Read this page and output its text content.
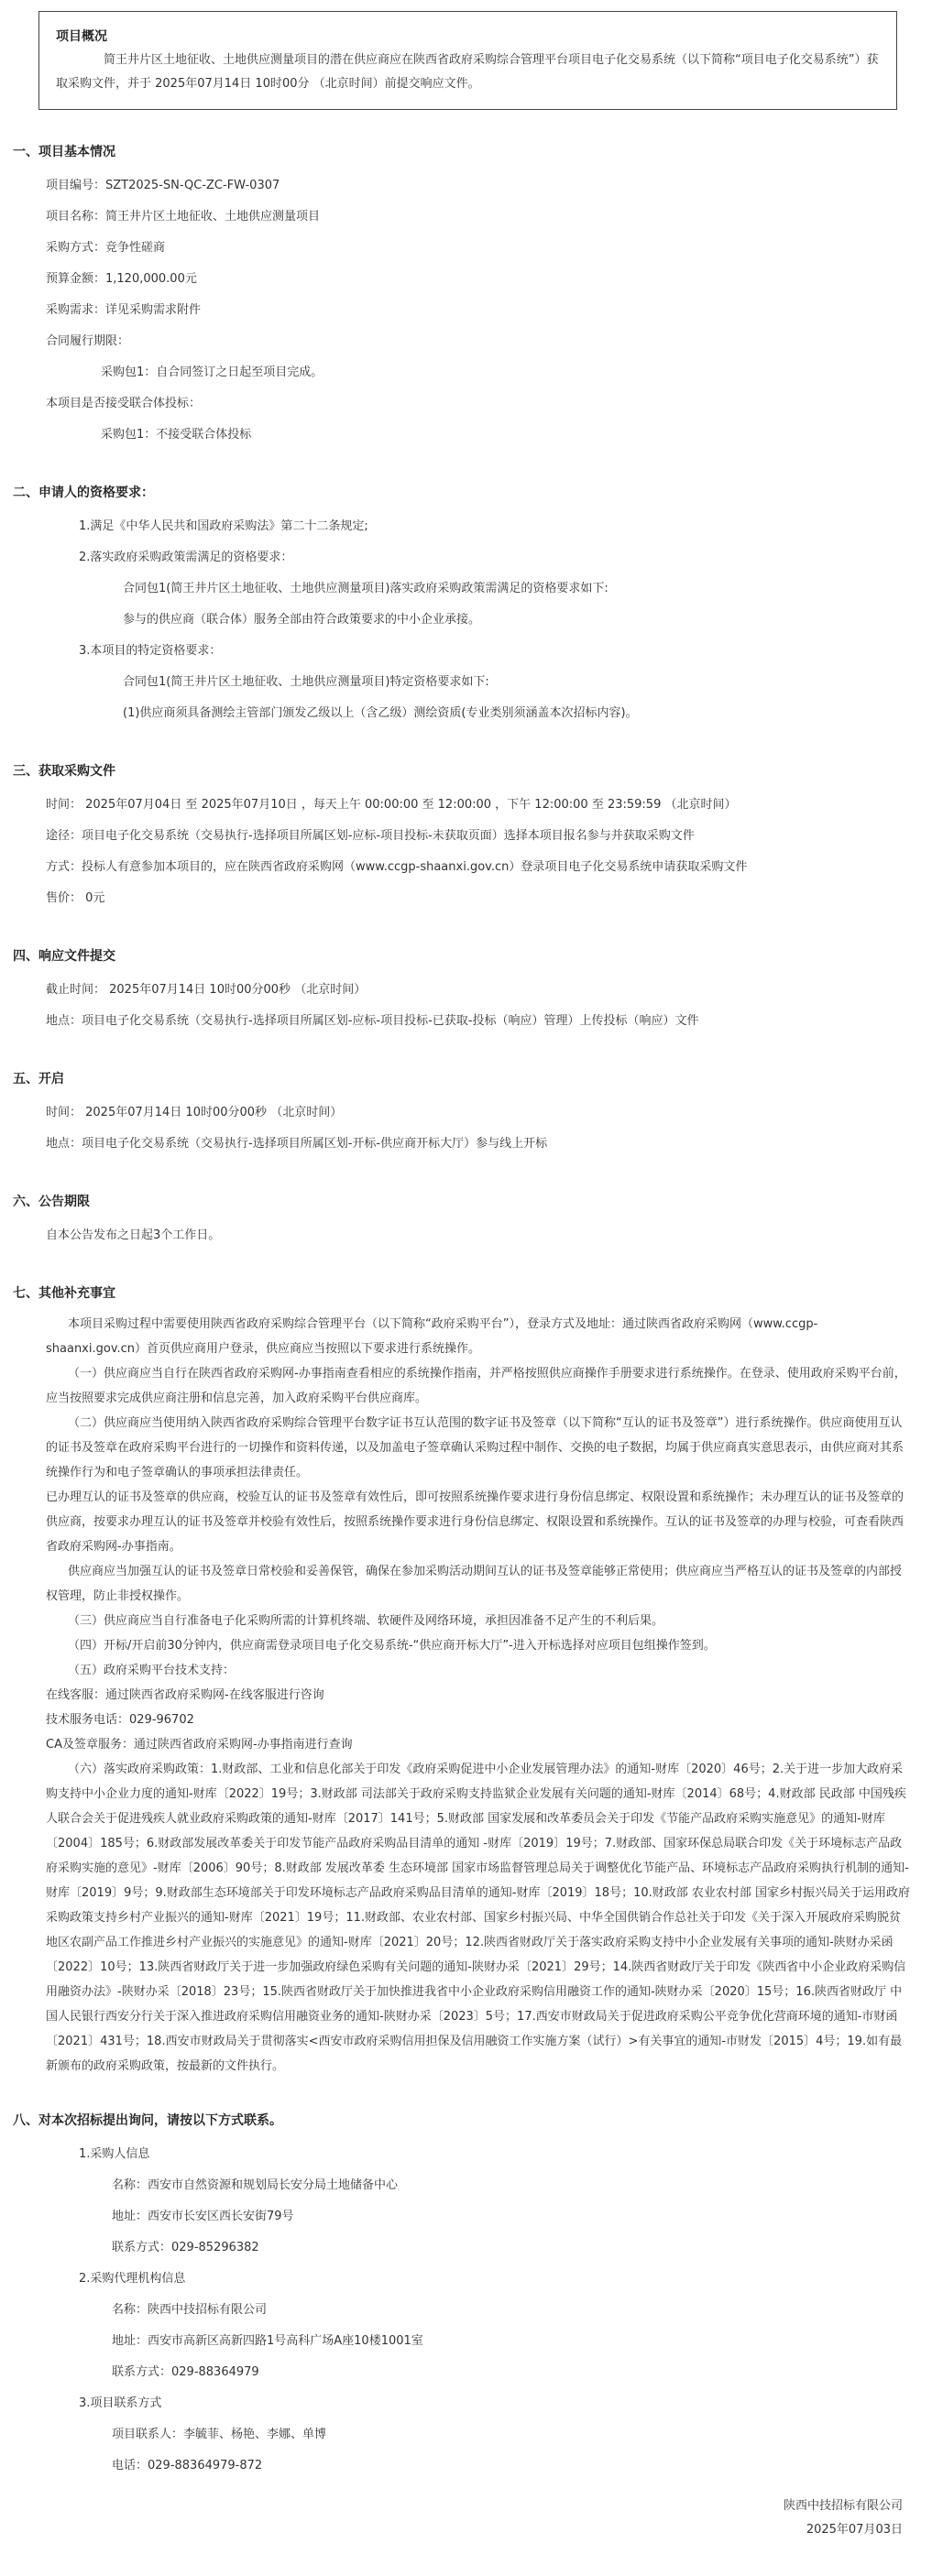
项目概况
简王井片区土地征收、土地供应测量项目的潜在供应商应在陕西省政府采购综合管理平台项目电子化交易系统（以下简称“项目电子化交易系统”）获取采购文件，并于 2025年07月14日 10时00分 （北京时间）前提交响应文件。
一、项目基本情况
项目编号：SZT2025-SN-QC-ZC-FW-0307
项目名称：简王井片区土地征收、土地供应测量项目
采购方式：竞争性磋商
预算金额：1,120,000.00元
采购需求：详见采购需求附件
合同履行期限：
采购包1：自合同签订之日起至项目完成。
本项目是否接受联合体投标：
采购包1：不接受联合体投标
二、申请人的资格要求：
1.满足《中华人民共和国政府采购法》第二十二条规定;
2.落实政府采购政策需满足的资格要求：
合同包1(简王井片区土地征收、土地供应测量项目)落实政府采购政策需满足的资格要求如下:
参与的供应商（联合体）服务全部由符合政策要求的中小企业承接。
3.本项目的特定资格要求：
合同包1(简王井片区土地征收、土地供应测量项目)特定资格要求如下:
(1)供应商须具备测绘主管部门颁发乙级以上（含乙级）测绘资质(专业类别须涵盖本次招标内容)。
三、获取采购文件
时间： 2025年07月04日 至 2025年07月10日 ，每天上午 00:00:00 至 12:00:00 ，下午 12:00:00 至 23:59:59 （北京时间）
途径：项目电子化交易系统（交易执行-选择项目所属区划-应标-项目投标-未获取页面）选择本项目报名参与并获取采购文件
方式：投标人有意参加本项目的，应在陕西省政府采购网（www.ccgp-shaanxi.gov.cn）登录项目电子化交易系统申请获取采购文件
售价： 0元
四、响应文件提交
截止时间： 2025年07月14日 10时00分00秒 （北京时间）
地点：项目电子化交易系统（交易执行-选择项目所属区划-应标-项目投标-已获取-投标（响应）管理）上传投标（响应）文件
五、开启
时间： 2025年07月14日 10时00分00秒 （北京时间）
地点：项目电子化交易系统（交易执行-选择项目所属区划-开标-供应商开标大厅）参与线上开标
六、公告期限
自本公告发布之日起3个工作日。
七、其他补充事宜
本项目采购过程中需要使用陕西省政府采购综合管理平台（以下简称“政府采购平台”），登录方式及地址：通过陕西省政府采购网（www.ccgp-shaanxi.gov.cn）首页供应商用户登录，供应商应当按照以下要求进行系统操作。
（一）供应商应当自行在陕西省政府采购网-办事指南查看相应的系统操作指南，并严格按照供应商操作手册要求进行系统操作。在登录、使用政府采购平台前，应当按照要求完成供应商注册和信息完善，加入政府采购平台供应商库。
（二）供应商应当使用纳入陕西省政府采购综合管理平台数字证书互认范围的数字证书及签章（以下简称“互认的证书及签章”）进行系统操作。供应商使用互认的证书及签章在政府采购平台进行的一切操作和资料传递，以及加盖电子签章确认采购过程中制作、交换的电子数据，均属于供应商真实意思表示，由供应商对其系统操作行为和电子签章确认的事项承担法律责任。
已办理互认的证书及签章的供应商，校验互认的证书及签章有效性后，即可按照系统操作要求进行身份信息绑定、权限设置和系统操作；未办理互认的证书及签章的供应商，按要求办理互认的证书及签章并校验有效性后，按照系统操作要求进行身份信息绑定、权限设置和系统操作。互认的证书及签章的办理与校验，可查看陕西省政府采购网-办事指南。
供应商应当加强互认的证书及签章日常校验和妥善保管，确保在参加采购活动期间互认的证书及签章能够正常使用；供应商应当严格互认的证书及签章的内部授权管理，防止非授权操作。
（三）供应商应当自行准备电子化采购所需的计算机终端、软硬件及网络环境，承担因准备不足产生的不利后果。
（四）开标/开启前30分钟内，供应商需登录项目电子化交易系统-“供应商开标大厅”-进入开标选择对应项目包组操作签到。
（五）政府采购平台技术支持：
在线客服：通过陕西省政府采购网-在线客服进行咨询
技术服务电话：029-96702
CA及签章服务：通过陕西省政府采购网-办事指南进行查询
（六）落实政府采购政策：1.财政部、工业和信息化部关于印发《政府采购促进中小企业发展管理办法》的通知-财库〔2020〕46号；2.关于进一步加大政府采购支持中小企业力度的通知-财库〔2022〕19号；3.财政部 司法部关于政府采购支持监狱企业发展有关问题的通知-财库〔2014〕68号；4.财政部 民政部 中国残疾人联合会关于促进残疾人就业政府采购政策的通知-财库〔2017〕141号；5.财政部 国家发展和改革委员会关于印发《节能产品政府采购实施意见》的通知-财库〔2004〕185号；6.财政部发展改革委关于印发节能产品政府采购品目清单的通知 -财库〔2019〕19号；7.财政部、国家环保总局联合印发《关于环境标志产品政府采购实施的意见》-财库〔2006〕90号；8.财政部 发展改革委 生态环境部 国家市场监督管理总局关于调整优化节能产品、环境标志产品政府采购执行机制的通知-财库〔2019〕9号；9.财政部生态环境部关于印发环境标志产品政府采购品目清单的通知-财库〔2019〕18号；10.财政部 农业农村部 国家乡村振兴局关于运用政府采购政策支持乡村产业振兴的通知-财库〔2021〕19号；11.财政部、农业农村部、国家乡村振兴局、中华全国供销合作总社关于印发《关于深入开展政府采购脱贫地区农副产品工作推进乡村产业振兴的实施意见》的通知-财库〔2021〕20号；12.陕西省财政厅关于落实政府采购支持中小企业发展有关事项的通知-陕财办采函〔2022〕10号；13.陕西省财政厅关于进一步加强政府绿色采购有关问题的通知-陕财办采〔2021〕29号；14.陕西省财政厅关于印发《陕西省中小企业政府采购信用融资办法》-陕财办采〔2018〕23号；15.陕西省财政厅关于加快推进我省中小企业政府采购信用融资工作的通知-陕财办采〔2020〕15号；16.陕西省财政厅 中国人民银行西安分行关于深入推进政府采购信用融资业务的通知-陕财办采〔2023〕5号；17.西安市财政局关于促进政府采购公平竞争优化营商环境的通知-市财函〔2021〕431号；18.西安市财政局关于贯彻落实<西安市政府采购信用担保及信用融资工作实施方案（试行）>有关事宜的通知-市财发〔2015〕4号；19.如有最新颁布的政府采购政策，按最新的文件执行。
八、对本次招标提出询问，请按以下方式联系。
1.采购人信息
名称：西安市自然资源和规划局长安分局土地储备中心
地址：西安市长安区西长安街79号
联系方式：029-85296382
2.采购代理机构信息
名称：陕西中技招标有限公司
地址：西安市高新区高新四路1号高科广场A座10楼1001室
联系方式：029-88364979
3.项目联系方式
项目联系人：李毓菲、杨艳、李娜、单博
电话：029-88364979-872
陕西中技招标有限公司
2025年07月03日
